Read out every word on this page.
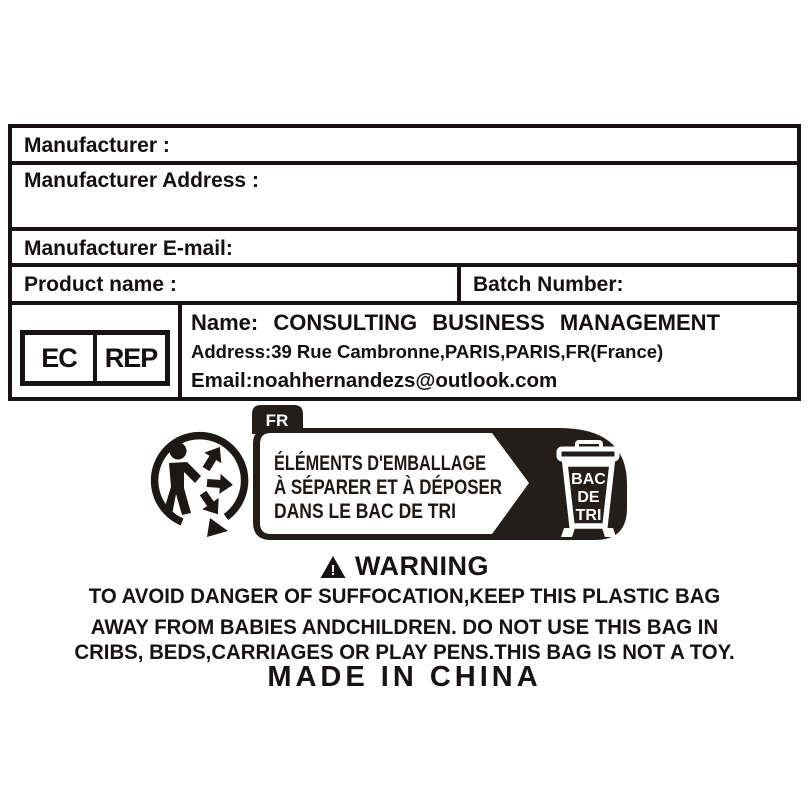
Manufacturer :
Manufacturer Address :
Manufacturer E-mail:
Product name :	Batch Number:
EC	REP
Name: CONSULTING BUSINESS MANAGEMENT
Address:39 Rue Cambronne,PARIS,PARIS,FR(France)
Email:noahhernandezs@outlook.com
FR
ÉLÉMENTS D'EMBALLAGE
À SÉPARER ET À DÉPOSER
DANS LE BAC DE TRI
BAC
DE
TRI
! WARNING
TO AVOID DANGER OF SUFFOCATION,KEEP THIS PLASTIC BAG
AWAY FROM BABIES ANDCHILDREN. DO NOT USE THIS BAG IN
CRIBS, BEDS,CARRIAGES OR PLAY PENS.THIS BAG IS NOT A TOY.
MADE IN CHINA
